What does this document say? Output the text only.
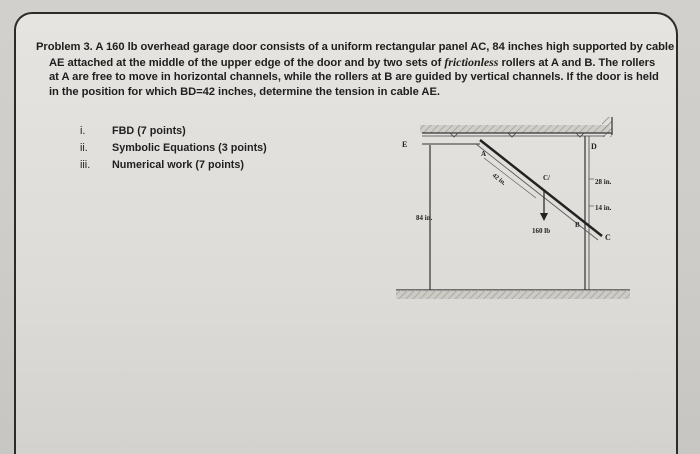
Problem 3. A 160 lb overhead garage door consists of a uniform rectangular panel AC, 84 inches high supported by cable
AE attached at the middle of the upper edge of the door and by two sets of frictionless rollers at A and B. The rollers
at A are free to move in horizontal channels, while the rollers at B are guided by vertical channels. If the door is held
in the position for which BD=42 inches, determine the tension in cable AE.
i.	FBD (7 points)
ii.	Symbolic Equations (3 points)
iii.	Numerical work (7 points)
E
84 in.
D
A
C/
B
C
42 in.
160 lb
28 in.
14 in.
